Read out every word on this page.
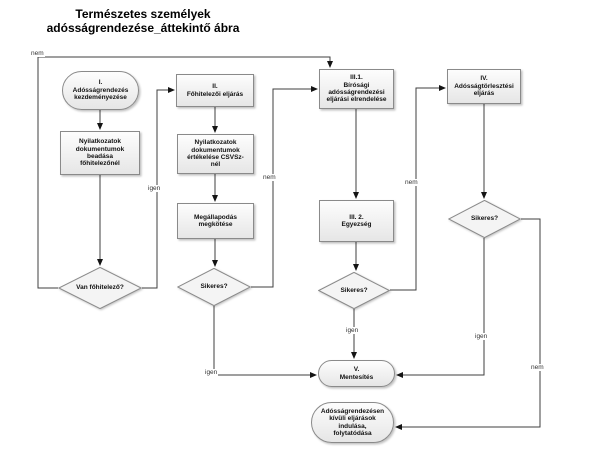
Természetes személyek
adósságrendezése_áttekintő ábra
I.
Adósságrendezés
kezdeményezése
Nyilatkozatok
dokumentumok
beadása
főhitelezőnél
Van főhitelező?
II.
Főhitelezői eljárás
Nyilatkozatok
dokumentumok
értékelése CSVSz-
nél
Megállapodás
megkötése
Sikeres?
III.1.
Bírósági
adósságrendezési
eljárási elrendelése
III. 2.
Egyezség
Sikeres?
IV.
Adósságtörlesztési
eljárás
Sikeres?
V.
Mentesítés
Adósságrendezésen
kívüli eljárások
indulása,
folytatódása
nem
igen
nem
igen
igen
nem
igen
nem
